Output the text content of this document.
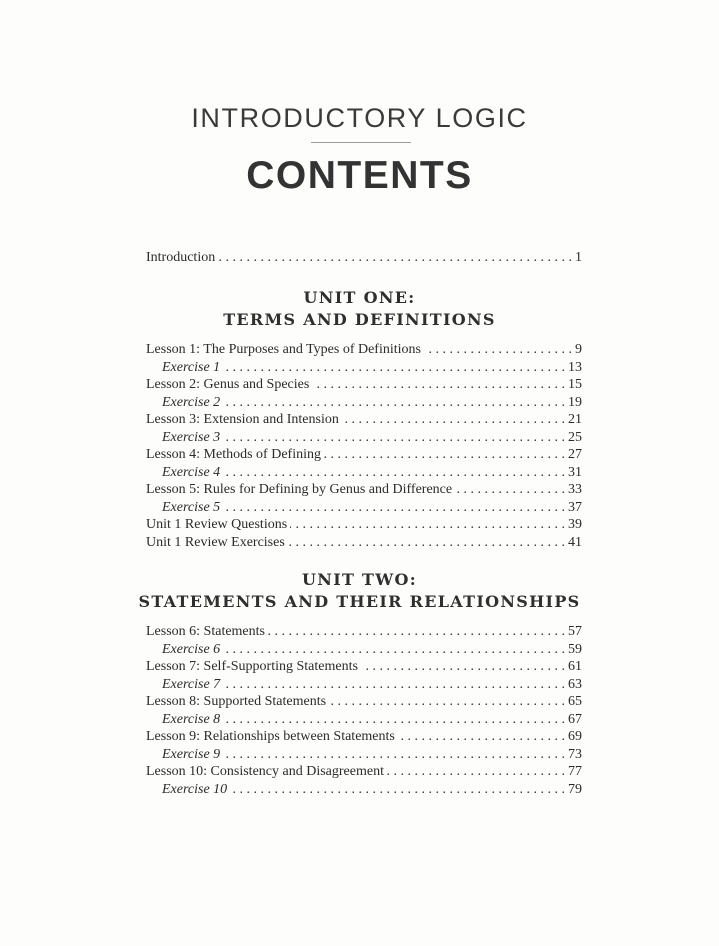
INTRODUCTORY LOGIC
CONTENTS
Introduction . . .	1
UNIT ONE:
TERMS AND DEFINITIONS
Lesson 1: The Purposes and Types of Definitions . . .	9
Exercise 1 . . .	13
Lesson 2: Genus and Species . . .	15
Exercise 2 . . .	19
Lesson 3: Extension and Intension . . .	21
Exercise 3 . . .	25
Lesson 4: Methods of Defining . . .	27
Exercise 4 . . .	31
Lesson 5: Rules for Defining by Genus and Difference . . .	33
Exercise 5 . . .	37
Unit 1 Review Questions . . .	39
Unit 1 Review Exercises . . .	41
UNIT TWO:
STATEMENTS AND THEIR RELATIONSHIPS
Lesson 6: Statements . . .	57
Exercise 6 . . .	59
Lesson 7: Self-Supporting Statements . . .	61
Exercise 7 . . .	63
Lesson 8: Supported Statements . . .	65
Exercise 8 . . .	67
Lesson 9: Relationships between Statements . . .	69
Exercise 9 . . .	73
Lesson 10: Consistency and Disagreement . . .	77
Exercise 10 . . .	79
